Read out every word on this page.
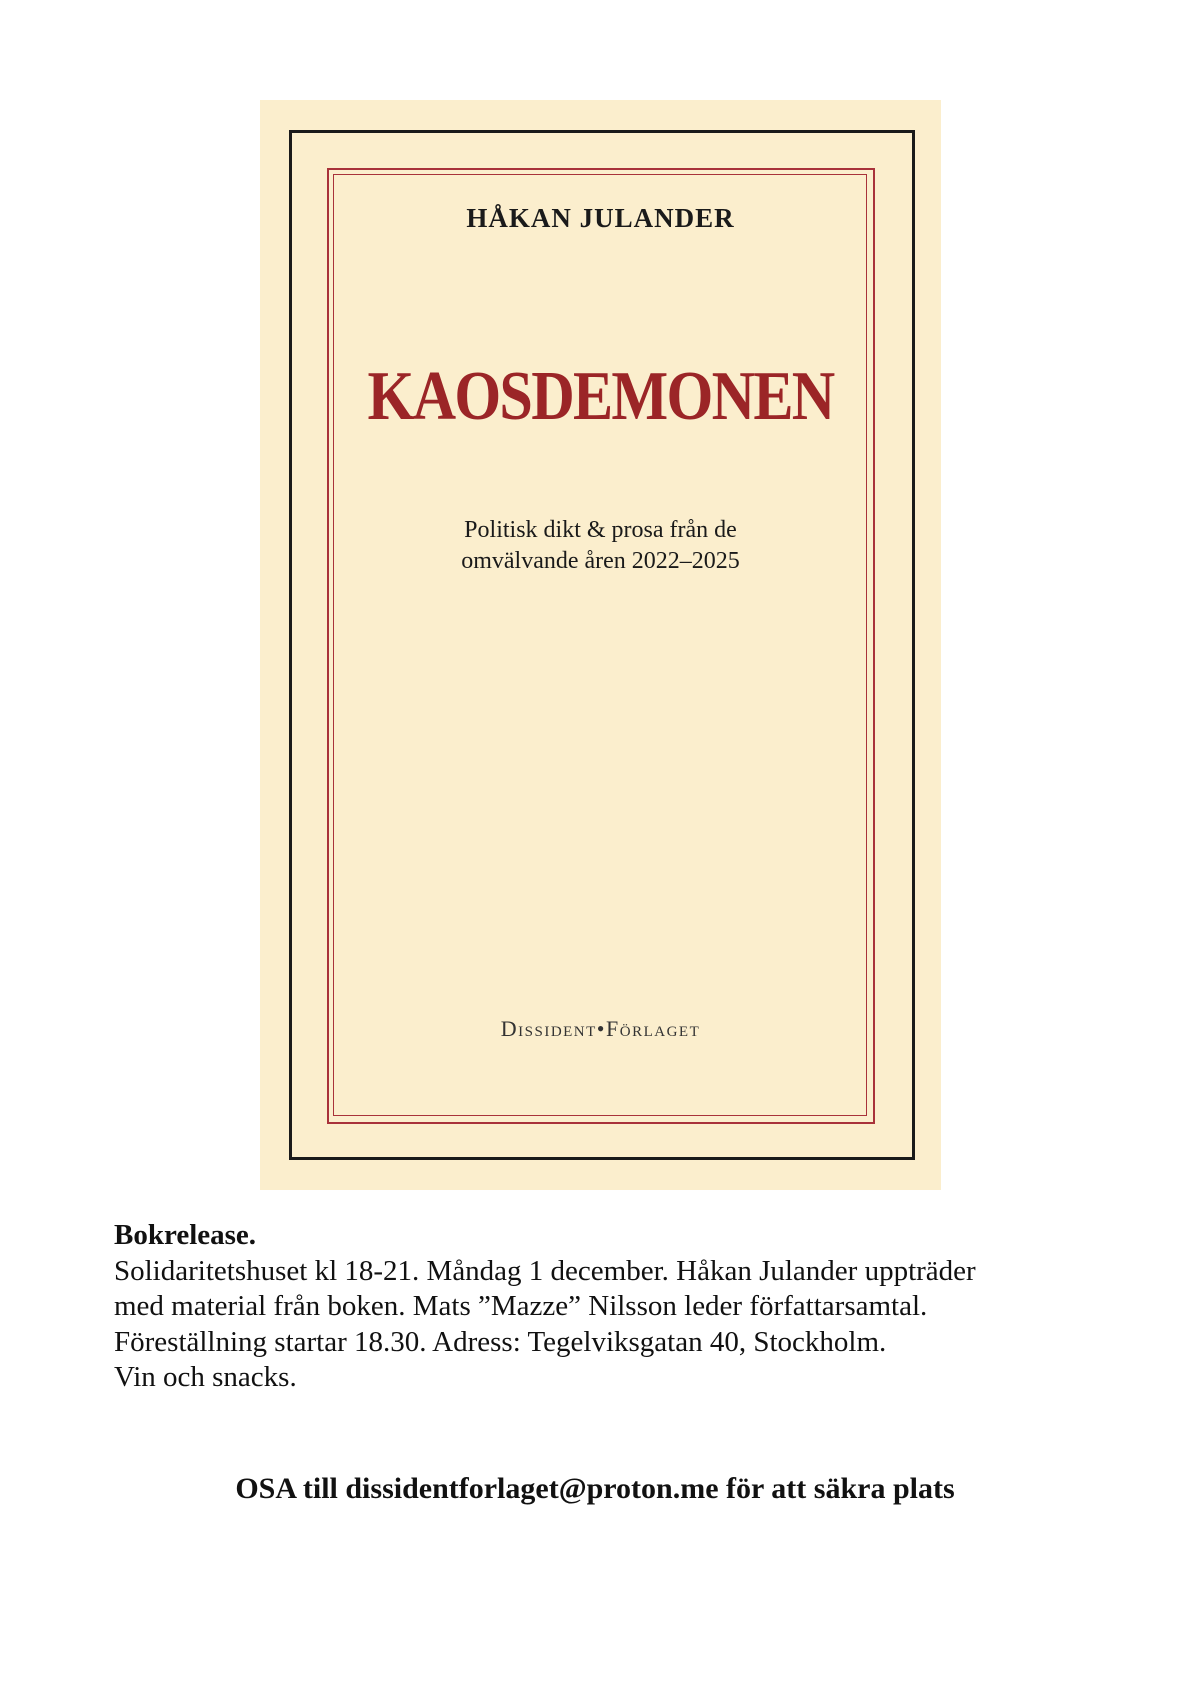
HÅKAN JULANDER
KAOSDEMONEN
Politisk dikt & prosa från de
omvälvande åren 2022–2025
Dissident•Förlaget
Bokrelease.
Solidaritetshuset kl 18-21. Måndag 1 december. Håkan Julander uppträder
med material från boken. Mats ”Mazze” Nilsson leder författarsamtal.
Föreställning startar 18.30. Adress: Tegelviksgatan 40, Stockholm.
Vin och snacks.
OSA till dissidentforlaget@proton.me för att säkra plats
